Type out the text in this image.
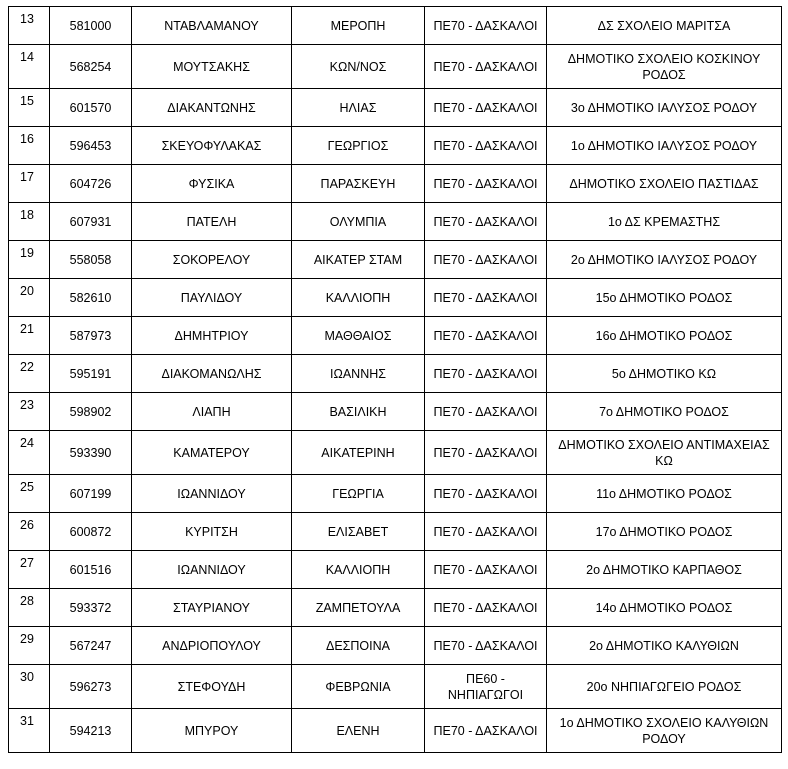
13	581000	ΝΤΑΒΛΑΜΑΝΟΥ	ΜΕΡΟΠΗ	ΠΕ70 - ΔΑΣΚΑΛΟΙ	ΔΣ ΣΧΟΛΕΙΟ ΜΑΡΙΤΣΑ
14	568254	ΜΟΥΤΣΑΚΗΣ	ΚΩΝ/ΝΟΣ	ΠΕ70 - ΔΑΣΚΑΛΟΙ	ΔΗΜΟΤΙΚΟ ΣΧΟΛΕΙΟ ΚΟΣΚΙΝΟΥ ΡΟΔΟΣ
15	601570	ΔΙΑΚΑΝΤΩΝΗΣ	ΗΛΙΑΣ	ΠΕ70 - ΔΑΣΚΑΛΟΙ	3ο ΔΗΜΟΤΙΚΟ ΙΑΛΥΣΟΣ ΡΟΔΟΥ
16	596453	ΣΚΕΥΟΦΥΛΑΚΑΣ	ΓΕΩΡΓΙΟΣ	ΠΕ70 - ΔΑΣΚΑΛΟΙ	1ο ΔΗΜΟΤΙΚΟ ΙΑΛΥΣΟΣ ΡΟΔΟΥ
17	604726	ΦΥΣΙΚΑ	ΠΑΡΑΣΚΕΥΗ	ΠΕ70 - ΔΑΣΚΑΛΟΙ	ΔΗΜΟΤΙΚΟ ΣΧΟΛΕΙΟ ΠΑΣΤΙΔΑΣ
18	607931	ΠΑΤΕΛΗ	ΟΛΥΜΠΙΑ	ΠΕ70 - ΔΑΣΚΑΛΟΙ	1ο ΔΣ ΚΡΕΜΑΣΤΗΣ
19	558058	ΣΟΚΟΡΕΛΟΥ	ΑΙΚΑΤΕΡ ΣΤΑΜ	ΠΕ70 - ΔΑΣΚΑΛΟΙ	2ο ΔΗΜΟΤΙΚΟ ΙΑΛΥΣΟΣ ΡΟΔΟΥ
20	582610	ΠΑΥΛΙΔΟΥ	ΚΑΛΛΙΟΠΗ	ΠΕ70 - ΔΑΣΚΑΛΟΙ	15ο ΔΗΜΟΤΙΚΟ ΡΟΔΟΣ
21	587973	ΔΗΜΗΤΡΙΟΥ	ΜΑΘΘΑΙΟΣ	ΠΕ70 - ΔΑΣΚΑΛΟΙ	16ο ΔΗΜΟΤΙΚΟ ΡΟΔΟΣ
22	595191	ΔΙΑΚΟΜΑΝΩΛΗΣ	ΙΩΑΝΝΗΣ	ΠΕ70 - ΔΑΣΚΑΛΟΙ	5ο ΔΗΜΟΤΙΚΟ ΚΩ
23	598902	ΛΙΑΠΗ	ΒΑΣΙΛΙΚΗ	ΠΕ70 - ΔΑΣΚΑΛΟΙ	7ο ΔΗΜΟΤΙΚΟ ΡΟΔΟΣ
24	593390	ΚΑΜΑΤΕΡΟΥ	ΑΙΚΑΤΕΡΙΝΗ	ΠΕ70 - ΔΑΣΚΑΛΟΙ	ΔΗΜΟΤΙΚΟ ΣΧΟΛΕΙΟ ΑΝΤΙΜΑΧΕΙΑΣ ΚΩ
25	607199	ΙΩΑΝΝΙΔΟΥ	ΓΕΩΡΓΙΑ	ΠΕ70 - ΔΑΣΚΑΛΟΙ	11ο ΔΗΜΟΤΙΚΟ ΡΟΔΟΣ
26	600872	ΚΥΡΙΤΣΗ	ΕΛΙΣΑΒΕΤ	ΠΕ70 - ΔΑΣΚΑΛΟΙ	17ο ΔΗΜΟΤΙΚΟ ΡΟΔΟΣ
27	601516	ΙΩΑΝΝΙΔΟΥ	ΚΑΛΛΙΟΠΗ	ΠΕ70 - ΔΑΣΚΑΛΟΙ	2ο ΔΗΜΟΤΙΚΟ ΚΑΡΠΑΘΟΣ
28	593372	ΣΤΑΥΡΙΑΝΟΥ	ΖΑΜΠΕΤΟΥΛΑ	ΠΕ70 - ΔΑΣΚΑΛΟΙ	14ο ΔΗΜΟΤΙΚΟ ΡΟΔΟΣ
29	567247	ΑΝΔΡΙΟΠΟΥΛΟΥ	ΔΕΣΠΟΙΝΑ	ΠΕ70 - ΔΑΣΚΑΛΟΙ	2ο ΔΗΜΟΤΙΚΟ ΚΑΛΥΘΙΩΝ
30	596273	ΣΤΕΦΟΥΔΗ	ΦΕΒΡΩΝΙΑ	ΠΕ60 - ΝΗΠΙΑΓΩΓΟΙ	20ο ΝΗΠΙΑΓΩΓΕΙΟ ΡΟΔΟΣ
31	594213	ΜΠΥΡΟΥ	ΕΛΕΝΗ	ΠΕ70 - ΔΑΣΚΑΛΟΙ	1ο ΔΗΜΟΤΙΚΟ ΣΧΟΛΕΙΟ ΚΑΛΥΘΙΩΝ ΡΟΔΟΥ
